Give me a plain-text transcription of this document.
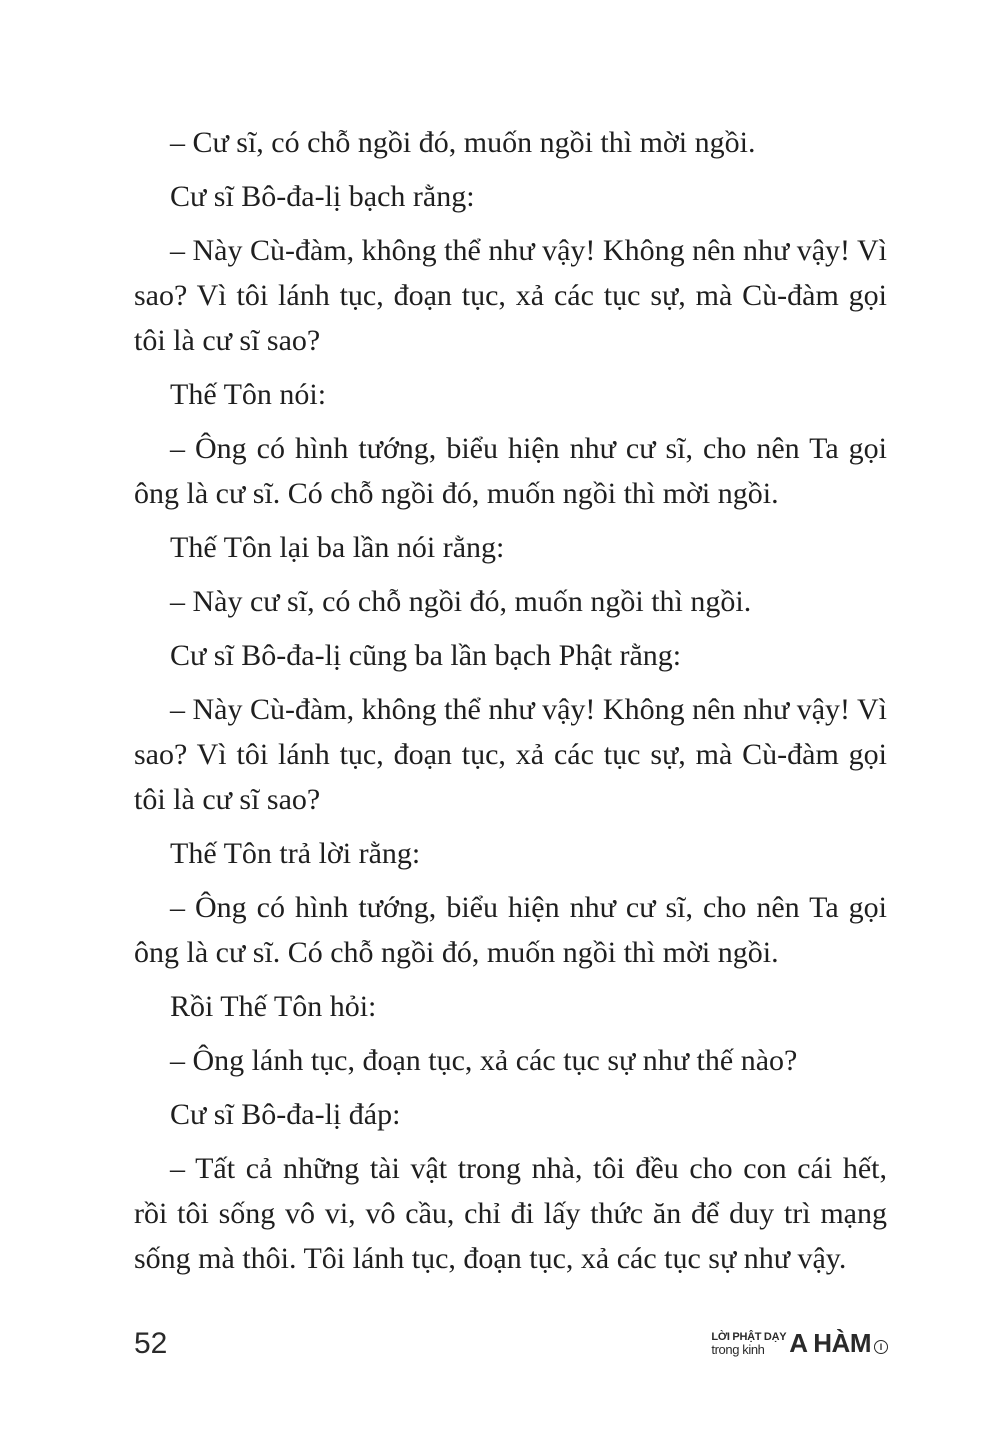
– Cư sĩ, có chỗ ngồi đó, muốn ngồi thì mời ngồi.

Cư sĩ Bô-đa-lị bạch rằng:

– Này Cù-đàm, không thể như vậy! Không nên như vậy! Vì sao? Vì tôi lánh tục, đoạn tục, xả các tục sự, mà Cù-đàm gọi tôi là cư sĩ sao?

Thế Tôn nói:

– Ông có hình tướng, biểu hiện như cư sĩ, cho nên Ta gọi ông là cư sĩ. Có chỗ ngồi đó, muốn ngồi thì mời ngồi.

Thế Tôn lại ba lần nói rằng:

– Này cư sĩ, có chỗ ngồi đó, muốn ngồi thì ngồi.

Cư sĩ Bô-đa-lị cũng ba lần bạch Phật rằng:

– Này Cù-đàm, không thể như vậy! Không nên như vậy! Vì sao? Vì tôi lánh tục, đoạn tục, xả các tục sự, mà Cù-đàm gọi tôi là cư sĩ sao?

Thế Tôn trả lời rằng:

– Ông có hình tướng, biểu hiện như cư sĩ, cho nên Ta gọi ông là cư sĩ. Có chỗ ngồi đó, muốn ngồi thì mời ngồi.

Rồi Thế Tôn hỏi:

– Ông lánh tục, đoạn tục, xả các tục sự như thế nào?

Cư sĩ Bô-đa-lị đáp:

– Tất cả những tài vật trong nhà, tôi đều cho con cái hết, rồi tôi sống vô vi, vô cầu, chỉ đi lấy thức ăn để duy trì mạng sống mà thôi. Tôi lánh tục, đoạn tục, xả các tục sự như vậy.

52	LỜI PHẬT DẠY
trong kinh A HÀM I
